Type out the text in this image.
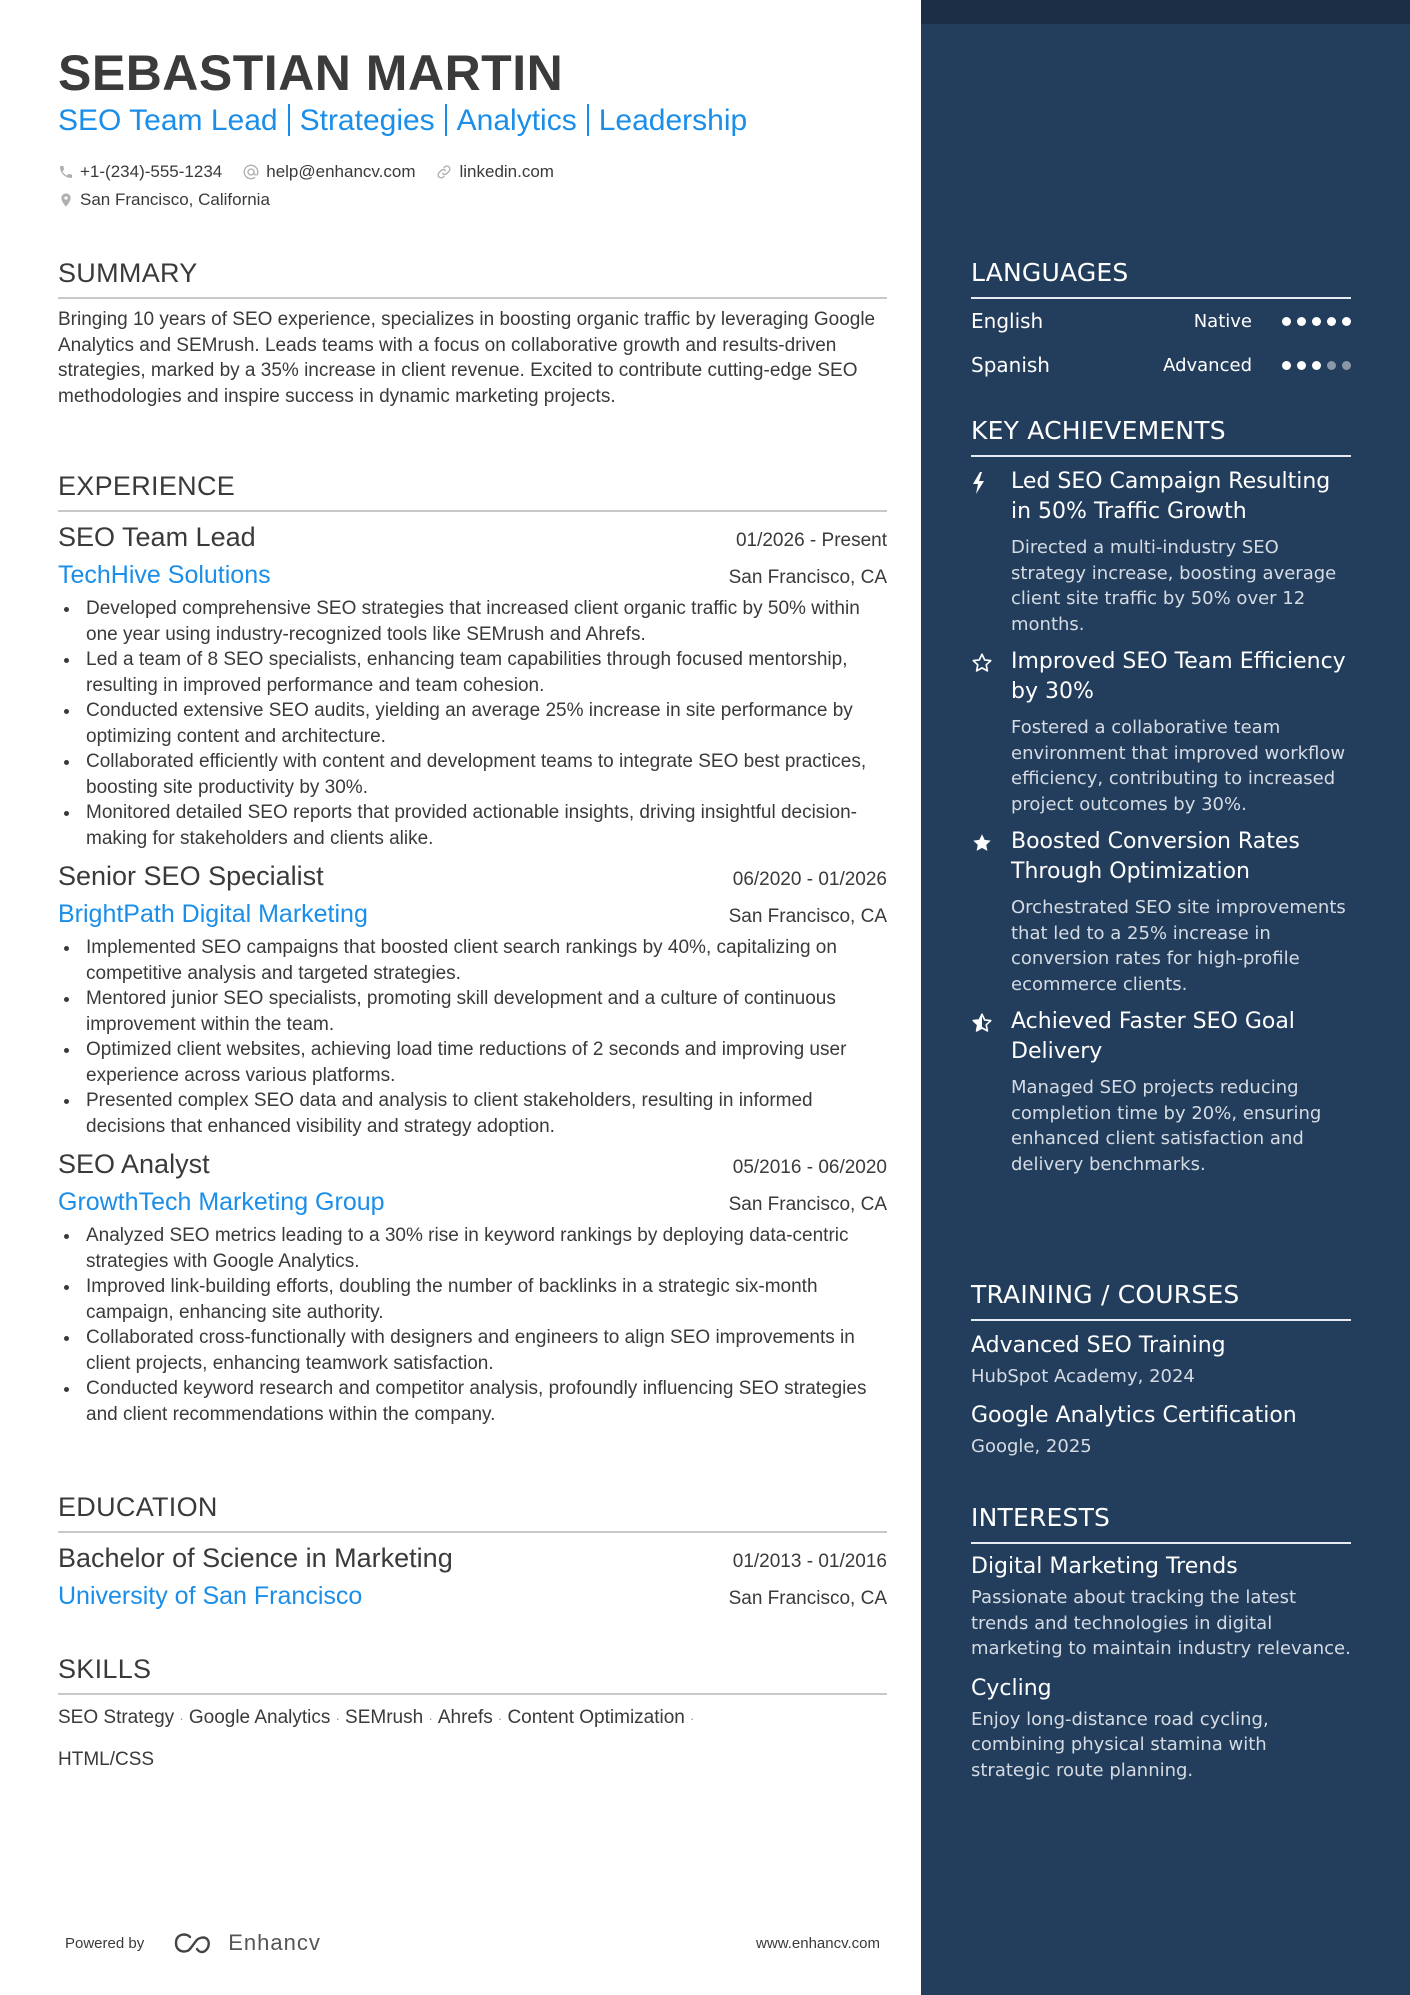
SEBASTIAN MARTIN
SEO Team Lead Strategies Analytics Leadership
+1-(234)-555-1234	help@enhancv.com	linkedin.com
San Francisco, California
SUMMARY
Bringing 10 years of SEO experience, specializes in boosting organic traffic by leveraging Google Analytics and SEMrush. Leads teams with a focus on collaborative growth and results-driven strategies, marked by a 35% increase in client revenue. Excited to contribute cutting-edge SEO methodologies and inspire success in dynamic marketing projects.
EXPERIENCE
SEO Team Lead	01/2026 - Present
TechHive Solutions	San Francisco, CA
Developed comprehensive SEO strategies that increased client organic traffic by 50% within one year using industry-recognized tools like SEMrush and Ahrefs.
Led a team of 8 SEO specialists, enhancing team capabilities through focused mentorship, resulting in improved performance and team cohesion.
Conducted extensive SEO audits, yielding an average 25% increase in site performance by optimizing content and architecture.
Collaborated efficiently with content and development teams to integrate SEO best practices, boosting site productivity by 30%.
Monitored detailed SEO reports that provided actionable insights, driving insightful decision-making for stakeholders and clients alike.
Senior SEO Specialist	06/2020 - 01/2026
BrightPath Digital Marketing	San Francisco, CA
Implemented SEO campaigns that boosted client search rankings by 40%, capitalizing on competitive analysis and targeted strategies.
Mentored junior SEO specialists, promoting skill development and a culture of continuous improvement within the team.
Optimized client websites, achieving load time reductions of 2 seconds and improving user experience across various platforms.
Presented complex SEO data and analysis to client stakeholders, resulting in informed decisions that enhanced visibility and strategy adoption.
SEO Analyst	05/2016 - 06/2020
GrowthTech Marketing Group	San Francisco, CA
Analyzed SEO metrics leading to a 30% rise in keyword rankings by deploying data-centric strategies with Google Analytics.
Improved link-building efforts, doubling the number of backlinks in a strategic six-month campaign, enhancing site authority.
Collaborated cross-functionally with designers and engineers to align SEO improvements in client projects, enhancing teamwork satisfaction.
Conducted keyword research and competitor analysis, profoundly influencing SEO strategies and client recommendations within the company.
EDUCATION
Bachelor of Science in Marketing	01/2013 - 01/2016
University of San Francisco	San Francisco, CA
SKILLS
SEO Strategy · Google Analytics · SEMrush · Ahrefs · Content Optimization ·
HTML/CSS
Powered by	Enhancv	www.enhancv.com
LANGUAGES
English	Native
Spanish	Advanced
KEY ACHIEVEMENTS
Led SEO Campaign Resulting in 50% Traffic Growth
Directed a multi-industry SEO strategy increase, boosting average client site traffic by 50% over 12 months.
Improved SEO Team Efficiency by 30%
Fostered a collaborative team environment that improved workflow efficiency, contributing to increased project outcomes by 30%.
Boosted Conversion Rates Through Optimization
Orchestrated SEO site improvements that led to a 25% increase in conversion rates for high-profile ecommerce clients.
Achieved Faster SEO Goal Delivery
Managed SEO projects reducing completion time by 20%, ensuring enhanced client satisfaction and delivery benchmarks.
TRAINING / COURSES
Advanced SEO Training
HubSpot Academy, 2024
Google Analytics Certification
Google, 2025
INTERESTS
Digital Marketing Trends
Passionate about tracking the latest trends and technologies in digital marketing to maintain industry relevance.
Cycling
Enjoy long-distance road cycling, combining physical stamina with strategic route planning.
